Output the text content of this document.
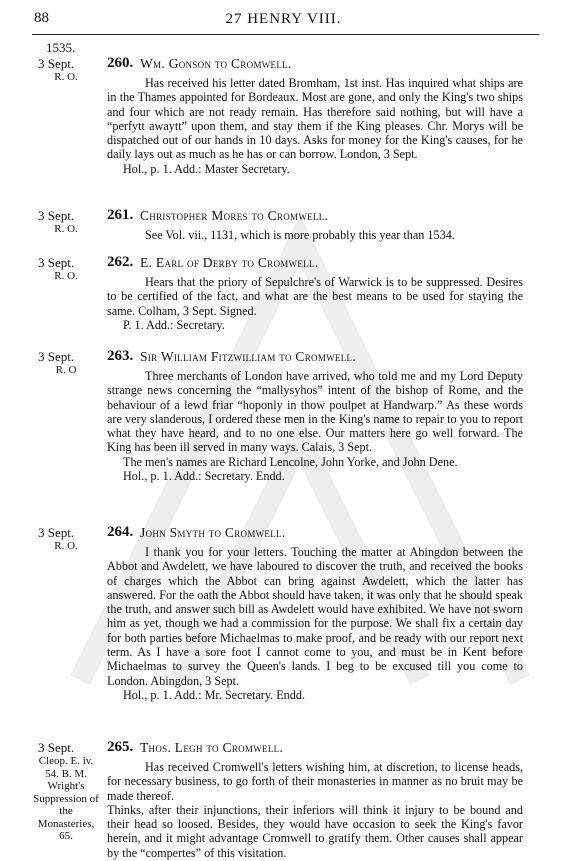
88	27 HENRY VIII.
1535.
3 Sept.
R. O.
260. Wm. Gonson to Cromwell.

Has received his letter dated Bromham, 1st inst. Has inquired what ships are in the Thames appointed for Bordeaux. Most are gone, and only the King's two ships and four which are not ready remain. Has therefore said nothing, but will have a “perfytt awaytt” upon them, and stay them if the King pleases. Chr. Morys will be dispatched out of our hands in 10 days. Asks for money for the King's causes, for he daily lays out as much as he has or can borrow. London, 3 Sept.

Hol., p. 1. Add.: Master Secretary.

3 Sept.
R. O.
261. Christopher Mores to Cromwell.

See Vol. vii., 1131, which is more probably this year than 1534.

3 Sept.
R. O.
262. E. Earl of Derby to Cromwell.

Hears that the priory of Sepulchre's of Warwick is to be suppressed. Desires to be certified of the fact, and what are the best means to be used for staying the same. Colham, 3 Sept. Signed.

P. 1. Add.: Secretary.

3 Sept.
R. O
263. Sir William Fitzwilliam to Cromwell.

Three merchants of London have arrived, who told me and my Lord Deputy strange news concerning the “mallysyhos” intent of the bishop of Rome, and the behaviour of a lewd friar “hoponly in thow poulpet at Handwarp.” As these words are very slanderous, I ordered these men in the King's name to repair to you to report what they have heard, and to no one else. Our matters here go well forward. The King has been ill served in many ways. Calais, 3 Sept.

The men's names are Richard Lencolne, John Yorke, and John Dene.

Hol., p. 1. Add.: Secretary. Endd.

3 Sept.
R. O.
264. John Smyth to Cromwell.

I thank you for your letters. Touching the matter at Abingdon between the Abbot and Awdelett, we have laboured to discover the truth, and received the books of charges which the Abbot can bring against Awdelett, which the latter has answered. For the oath the Abbot should have taken, it was only that he should speak the truth, and answer such bill as Awdelett would have exhibited. We have not sworn him as yet, though we had a commission for the purpose. We shall fix a certain day for both parties before Michaelmas to make proof, and be ready with our report next term. As I have a sore foot I cannot come to you, and must be in Kent before Michaelmas to survey the Queen's lands. I beg to be excused till you come to London. Abingdon, 3 Sept.

Hol., p. 1. Add.: Mr. Secretary. Endd.

3 Sept.
Cleop. E. iv. 54. B. M. Wright's Suppression of the Monasteries, 65.
265. Thos. Legh to Cromwell.

Has received Cromwell's letters wishing him, at discretion, to license heads, for necessary business, to go forth of their monasteries in manner as no bruit may be made thereof.

Thinks, after their injunctions, their inferiors will think it injury to be bound and their head so loosed. Besides, they would have occasion to seek the King's favor herein, and it might advantage Cromwell to gratify them. Other causes shall appear by the “compertes” of this visitation.
